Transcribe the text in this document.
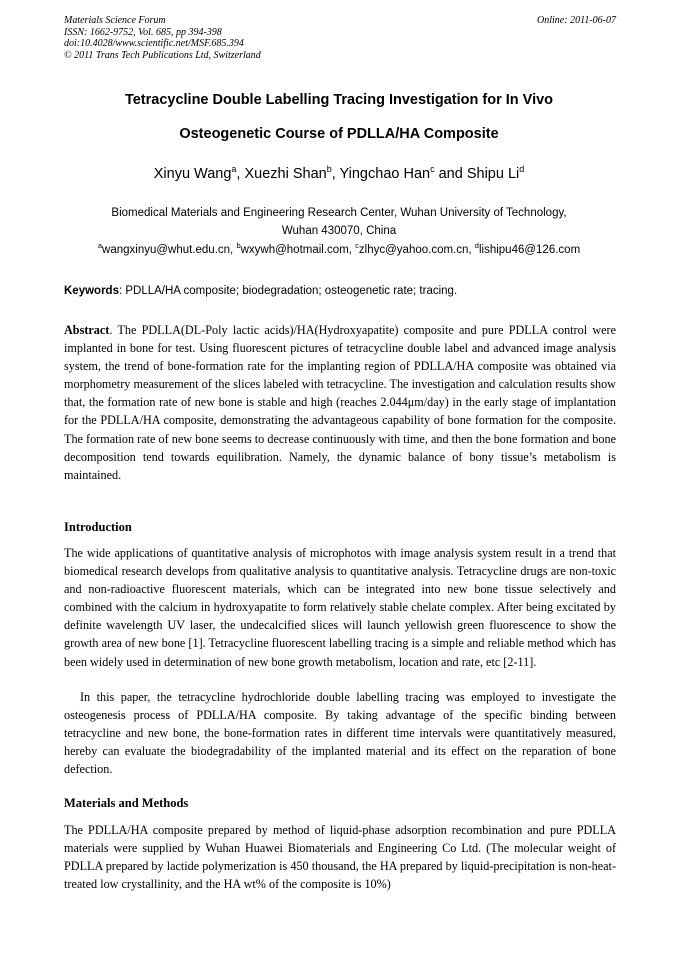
Materials Science Forum
ISSN: 1662-9752, Vol. 685, pp 394-398
doi:10.4028/www.scientific.net/MSF.685.394
© 2011 Trans Tech Publications Ltd, Switzerland
Online: 2011-06-07
Tetracycline Double Labelling Tracing Investigation for In Vivo
Osteogenetic Course of PDLLA/HA Composite
Xinyu Wang$^a$, Xuezhi Shan$^b$, Yingchao Han$^c$ and Shipu Li$^d$
Biomedical Materials and Engineering Research Center, Wuhan University of Technology,
Wuhan 430070, China
$^a$wangxinyu@whut.edu.cn, $^b$wxywh@hotmail.com, $^c$zlhyc@yahoo.com.cn, $^d$lishipu46@126.com
Keywords: PDLLA/HA composite; biodegradation; osteogenetic rate; tracing.

Abstract. The PDLLA(DL-Poly lactic acids)/HA(Hydroxyapatite) composite and pure PDLLA control were implanted in bone for test. Using fluorescent pictures of tetracycline double label and advanced image analysis system, the trend of bone-formation rate for the implanting region of PDLLA/HA composite was obtained via morphometry measurement of the slices labeled with tetracycline. The investigation and calculation results show that, the formation rate of new bone is stable and high (reaches 2.044μm/day) in the early stage of implantation for the PDLLA/HA composite, demonstrating the advantageous capability of bone formation for the composite. The formation rate of new bone seems to decrease continuously with time, and then the bone formation and bone decomposition tend towards equilibration. Namely, the dynamic balance of bony tissue’s metabolism is maintained.

Introduction

The wide applications of quantitative analysis of microphotos with image analysis system result in a trend that biomedical research develops from qualitative analysis to quantitative analysis. Tetracycline drugs are non-toxic and non-radioactive fluorescent materials, which can be integrated into new bone tissue selectively and combined with the calcium in hydroxyapatite to form relatively stable chelate complex. After being excitated by definite wavelength UV laser, the undecalcified slices will launch yellowish green fluorescence to show the growth area of new bone [1]. Tetracycline fluorescent labelling tracing is a simple and reliable method which has been widely used in determination of new bone growth metabolism, location and rate, etc [2-11].

In this paper, the tetracycline hydrochloride double labelling tracing was employed to investigate the osteogenesis process of PDLLA/HA composite. By taking advantage of the specific binding between tetracycline and new bone, the bone-formation rates in different time intervals were quantitatively measured, hereby can evaluate the biodegradability of the implanted material and its effect on the reparation of bone defection.

Materials and Methods

The PDLLA/HA composite prepared by method of liquid-phase adsorption recombination and pure PDLLA materials were supplied by Wuhan Huawei Biomaterials and Engineering Co Ltd. (The molecular weight of PDLLA prepared by lactide polymerization is 450 thousand, the HA prepared by liquid-precipitation is non-heat-treated low crystallinity, and the HA wt% of the composite is 10%)
